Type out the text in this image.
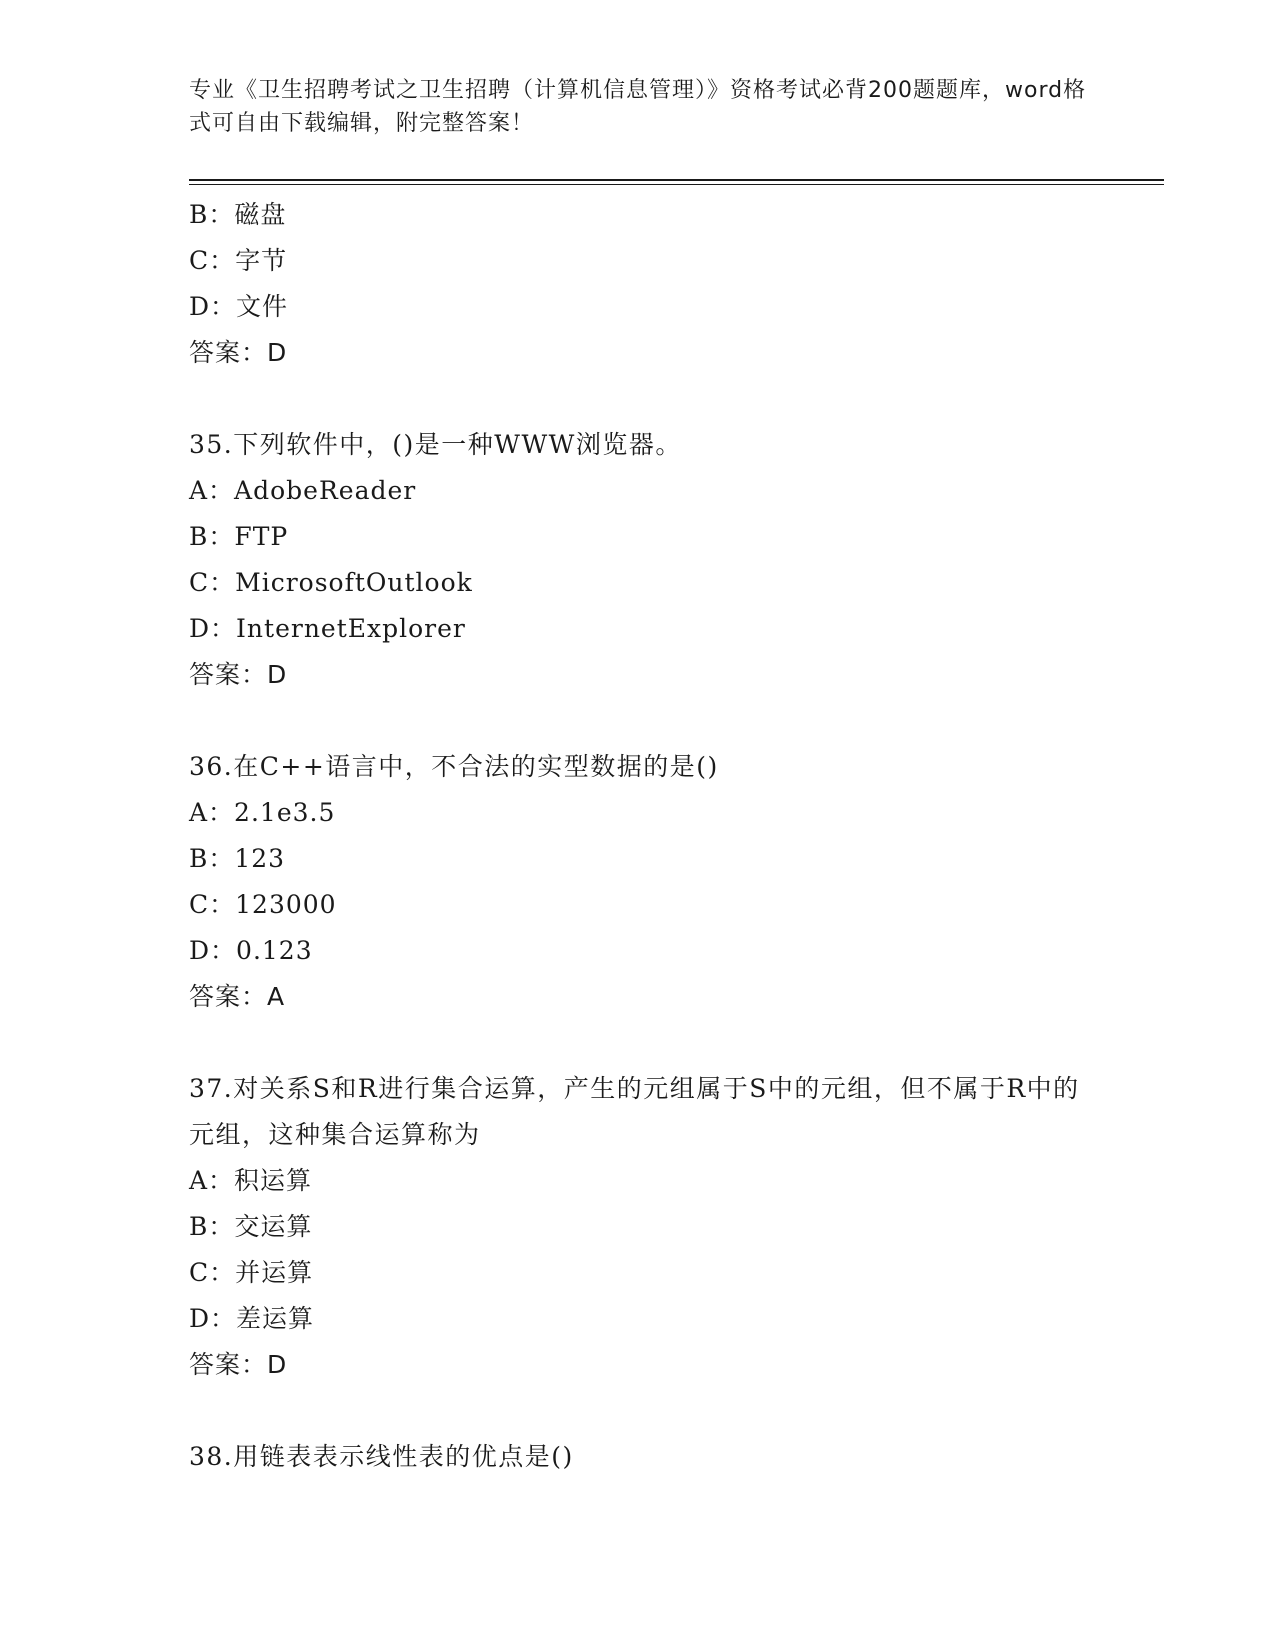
专业《卫生招聘考试之卫生招聘（计算机信息管理）》资格考试必背200题题库，word格式可自由下载编辑，附完整答案！
B：磁盘
C：字节
D：文件
答案：D
35.下列软件中，()是一种WWW浏览器。
A：AdobeReader
B：FTP
C：MicrosoftOutlook
D：InternetExplorer
答案：D
36.在C++语言中，不合法的实型数据的是()
A：2.1e3.5
B：123
C：123000
D：0.123
答案：A
37.对关系S和R进行集合运算，产生的元组属于S中的元组，但不属于R中的元组，这种集合运算称为
A：积运算
B：交运算
C：并运算
D：差运算
答案：D
38.用链表表示线性表的优点是()
